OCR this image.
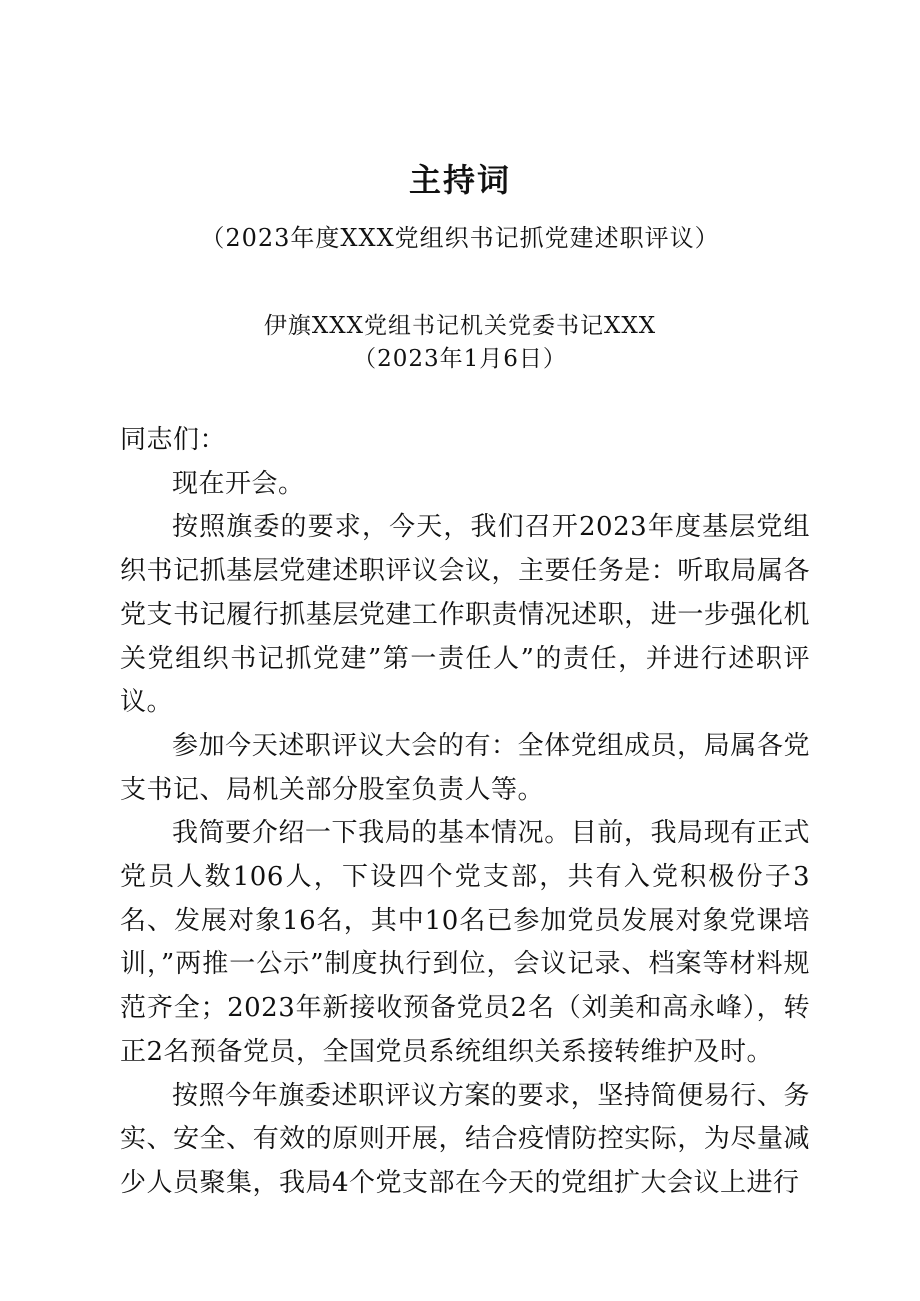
主持词
（2023年度XXX党组织书记抓党建述职评议）
伊旗XXX党组书记机关党委书记XXX
（2023年1月6日）

同志们：

现在开会。

按照旗委的要求，今天，我们召开2023年度基层党组织书记抓基层党建述职评议会议，主要任务是：听取局属各党支书记履行抓基层党建工作职责情况述职，进一步强化机关党组织书记抓党建”第一责任人”的责任，并进行述职评议。

参加今天述职评议大会的有：全体党组成员，局属各党支书记、局机关部分股室负责人等。

我简要介绍一下我局的基本情况。目前，我局现有正式党员人数106人，下设四个党支部，共有入党积极份子3名、发展对象16名，其中10名已参加党员发展对象党课培训，”两推一公示”制度执行到位，会议记录、档案等材料规范齐全；2023年新接收预备党员2名（刘美和高永峰），转正2名预备党员，全国党员系统组织关系接转维护及时。

按照今年旗委述职评议方案的要求，坚持简便易行、务实、安全、有效的原则开展，结合疫情防控实际，为尽量减少人员聚集，我局4个党支部在今天的党组扩大会议上进行
